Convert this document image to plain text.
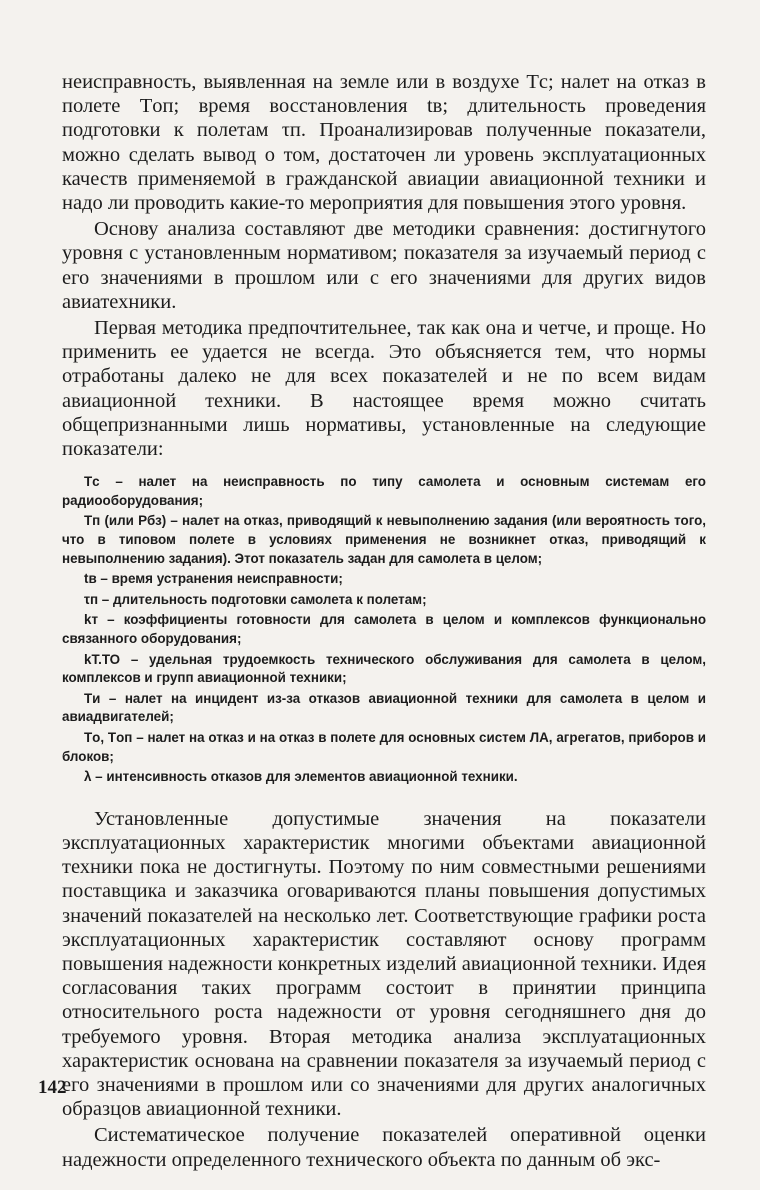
неисправность, выявленная на земле или в воздухе Tс; налет на отказ в полете Tоп; время восстановления tв; длительность проведения подготовки к полетам τп. Проанализировав полученные показатели, можно сделать вывод о том, достаточен ли уровень эксплуатационных качеств применяемой в гражданской авиации авиационной техники и надо ли проводить какие-то мероприятия для повышения этого уровня.

Основу анализа составляют две методики сравнения: достигнутого уровня с установленным нормативом; показателя за изучаемый период с его значениями в прошлом или с его значениями для других видов авиатехники.

Первая методика предпочтительнее, так как она и четче, и проще. Но применить ее удается не всегда. Это объясняется тем, что нормы отработаны далеко не для всех показателей и не по всем видам авиационной техники. В настоящее время можно считать общепризнанными лишь нормативы, установленные на следующие показатели:

Tс – налет на неисправность по типу самолета и основным системам его радиооборудования;

Tп (или Pбз) – налет на отказ, приводящий к невыполнению задания (или вероятность того, что в типовом полете в условиях применения не возникнет отказ, приводящий к невыполнению задания). Этот показатель задан для самолета в целом;

tв – время устранения неисправности;

τп – длительность подготовки самолета к полетам;

kт – коэффициенты готовности для самолета в целом и комплексов функционально связанного оборудования;

kТ.ТО – удельная трудоемкость технического обслуживания для самолета в целом, комплексов и групп авиационной техники;

Tи – налет на инцидент из-за отказов авиационной техники для самолета в целом и авиадвигателей;

Tо, Tоп – налет на отказ и на отказ в полете для основных систем ЛА, агрегатов, приборов и блоков;

λ – интенсивность отказов для элементов авиационной техники.

Установленные допустимые значения на показатели эксплуатационных характеристик многими объектами авиационной техники пока не достигнуты. Поэтому по ним совместными решениями поставщика и заказчика оговариваются планы повышения допустимых значений показателей на несколько лет. Соответствующие графики роста эксплуатационных характеристик составляют основу программ повышения надежности конкретных изделий авиационной техники. Идея согласования таких программ состоит в принятии принципа относительного роста надежности от уровня сегодняшнего дня до требуемого уровня. Вторая методика анализа эксплуатационных характеристик основана на сравнении показателя за изучаемый период с его значениями в прошлом или со значениями для других аналогичных образцов авиационной техники.

Систематическое получение показателей оперативной оценки надежности определенного технического объекта по данным об экс-

142
